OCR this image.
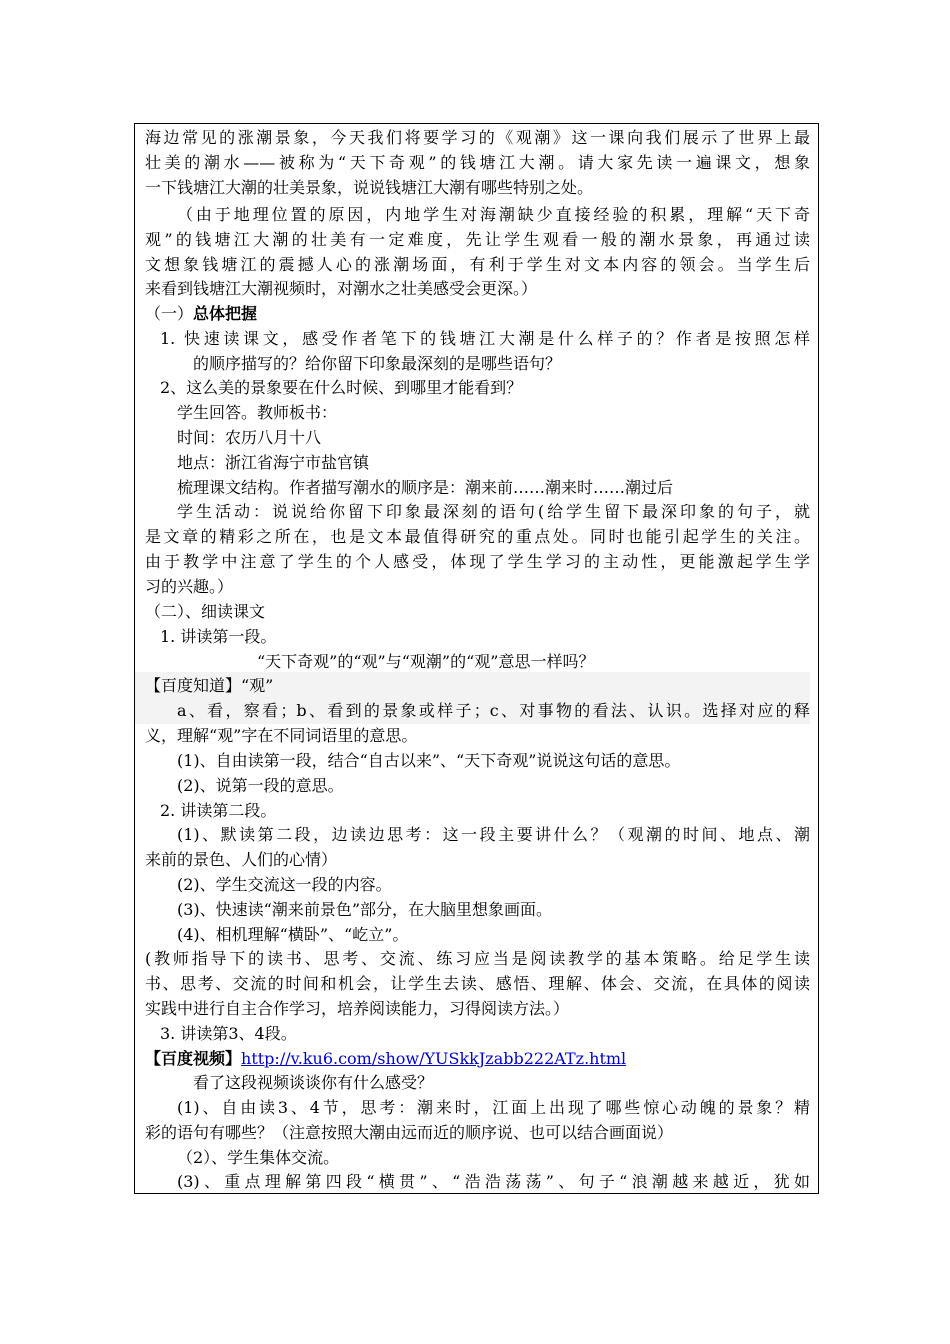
海边常见的涨潮景象，今天我们将要学习的《观潮》这一课向我们展示了世界上最
壮美的潮水——被称为“天下奇观”的钱塘江大潮。请大家先读一遍课文，想象
一下钱塘江大潮的壮美景象，说说钱塘江大潮有哪些特别之处。
（由于地理位置的原因，内地学生对海潮缺少直接经验的积累，理解“天下奇
观”的钱塘江大潮的壮美有一定难度，先让学生观看一般的潮水景象，再通过读
文想象钱塘江的震撼人心的涨潮场面，有利于学生对文本内容的领会。当学生后
来看到钱塘江大潮视频时，对潮水之壮美感受会更深。）
（一）总体把握
1. 快速读课文，感受作者笔下的钱塘江大潮是什么样子的？作者是按照怎样
的顺序描写的？给你留下印象最深刻的是哪些语句？
2、这么美的景象要在什么时候、到哪里才能看到？
学生回答。教师板书：
时间：农历八月十八
地点：浙江省海宁市盐官镇
梳理课文结构。作者描写潮水的顺序是：潮来前……潮来时……潮过后
学生活动：说说给你留下印象最深刻的语句(给学生留下最深印象的句子，就
是文章的精彩之所在，也是文本最值得研究的重点处。同时也能引起学生的关注。
由于教学中注意了学生的个人感受，体现了学生学习的主动性，更能激起学生学
习的兴趣。）
（二）、细读课文
1. 讲读第一段。
“天下奇观”的“观”与“观潮”的“观”意思一样吗？
【百度知道】“观”
a、看，察看；b、看到的景象或样子；c、对事物的看法、认识。选择对应的释
义，理解“观”字在不同词语里的意思。
(1)、自由读第一段，结合“自古以来”、“天下奇观”说说这句话的意思。
(2)、说第一段的意思。
2. 讲读第二段。
(1)、默读第二段，边读边思考：这一段主要讲什么？（观潮的时间、地点、潮
来前的景色、人们的心情）
(2)、学生交流这一段的内容。
(3)、快速读“潮来前景色”部分，在大脑里想象画面。
(4)、相机理解“横卧”、“屹立”。
(教师指导下的读书、思考、交流、练习应当是阅读教学的基本策略。给足学生读
书、思考、交流的时间和机会，让学生去读、感悟、理解、体会、交流，在具体的阅读
实践中进行自主合作学习，培养阅读能力，习得阅读方法。）
3. 讲读第3、4段。
【百度视频】http://v.ku6.com/show/YUSkkJzabb222ATz.html
看了这段视频谈谈你有什么感受？
(1)、自由读3、4节，思考：潮来时，江面上出现了哪些惊心动魄的景象？精
彩的语句有哪些？（注意按照大潮由远而近的顺序说、也可以结合画面说）
（2）、学生集体交流。
(3)、重点理解第四段“横贯”、“浩浩荡荡”、句子“浪潮越来越近，犹如
